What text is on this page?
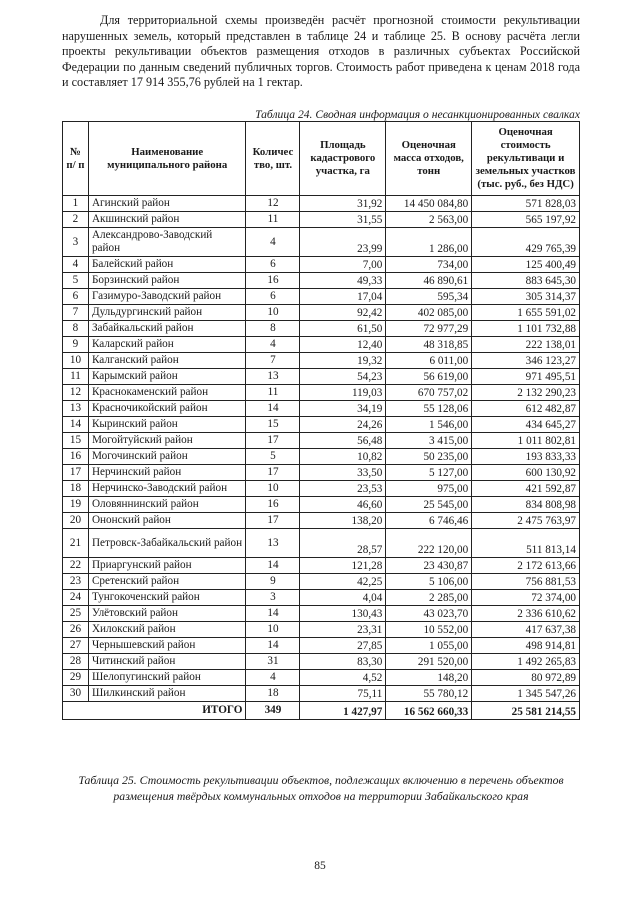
Для территориальной схемы произведён расчёт прогнозной стоимости рекультивации нарушенных земель, который представлен в таблице 24 и таблице 25. В основу расчёта легли проекты рекультивации объектов размещения отходов в различных субъектах Российской Федерации по данным сведений публичных торгов. Стоимость работ приведена к ценам 2018 года и составляет 17 914 355,76 рублей на 1 гектар.

Таблица 24. Сводная информация о несанкционированных свалках
№ п/ п	Наименование муниципального района	Количес тво, шт.	Площадь кадастрового участка, га	Оценочная масса отходов, тонн	Оценочная стоимость рекультиваци и земельных участков (тыс. руб., без НДС)
1	Агинский район	12	31,92	14 450 084,80	571 828,03
2	Акшинский район	11	31,55	2 563,00	565 197,92
3	Александрово-Заводский район	4	23,99	1 286,00	429 765,39
4	Балейский район	6	7,00	734,00	125 400,49
5	Борзинский район	16	49,33	46 890,61	883 645,30
6	Газимуро-Заводский район	6	17,04	595,34	305 314,37
7	Дульдургинский район	10	92,42	402 085,00	1 655 591,02
8	Забайкальский район	8	61,50	72 977,29	1 101 732,88
9	Каларский район	4	12,40	48 318,85	222 138,01
10	Калганский район	7	19,32	6 011,00	346 123,27
11	Карымский район	13	54,23	56 619,00	971 495,51
12	Краснокаменский район	11	119,03	670 757,02	2 132 290,23
13	Красночикойский район	14	34,19	55 128,06	612 482,87
14	Кыринский район	15	24,26	1 546,00	434 645,27
15	Могойтуйский район	17	56,48	3 415,00	1 011 802,81
16	Могочинский район	5	10,82	50 235,00	193 833,33
17	Нерчинский район	17	33,50	5 127,00	600 130,92
18	Нерчинско-Заводский район	10	23,53	975,00	421 592,87
19	Оловяннинский район	16	46,60	25 545,00	834 808,98
20	Ононский район	17	138,20	6 746,46	2 475 763,97
21	Петровск-Забайкальский район	13	28,57	222 120,00	511 813,14
22	Приаргунский район	14	121,28	23 430,87	2 172 613,66
23	Сретенский район	9	42,25	5 106,00	756 881,53
24	Тунгокоченский район	3	4,04	2 285,00	72 374,00
25	Улётовский район	14	130,43	43 023,70	2 336 610,62
26	Хилокский район	10	23,31	10 552,00	417 637,38
27	Чернышевский район	14	27,85	1 055,00	498 914,81
28	Читинский район	31	83,30	291 520,00	1 492 265,83
29	Шелопугинский район	4	4,52	148,20	80 972,89
30	Шилкинский район	18	75,11	55 780,12	1 345 547,26
ИТОГО		349	1 427,97	16 562 660,33	25 581 214,55
Таблица 25. Стоимость рекультивации объектов, подлежащих включению в перечень объектов размещения твёрдых коммунальных отходов на территории Забайкальского края
85
